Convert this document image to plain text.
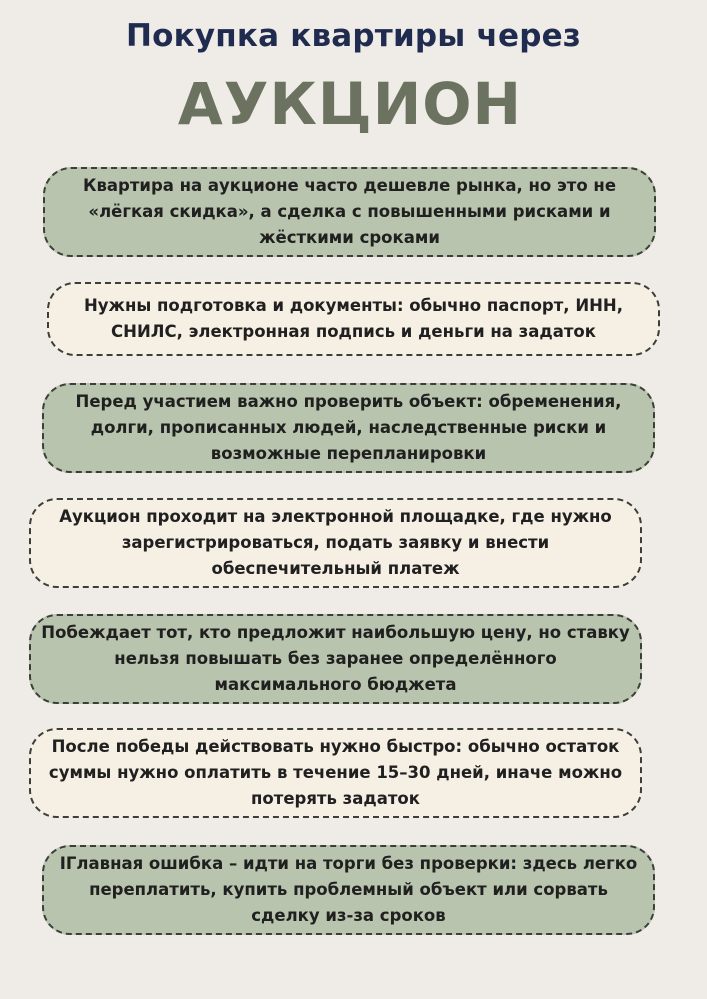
Покупка квартиры через
АУКЦИОН
Квартира на аукционе часто дешевле рынка, но это не
«лёгкая скидка», а сделка с повышенными рисками и
жёсткими сроками
Нужны подготовка и документы: обычно паспорт, ИНН,
СНИЛС, электронная подпись и деньги на задаток
Перед участием важно проверить объект: обременения,
долги, прописанных людей, наследственные риски и
возможные перепланировки
Аукцион проходит на электронной площадке, где нужно
зарегистрироваться, подать заявку и внести
обеспечительный платеж
Побеждает тот, кто предложит наибольшую цену, но ставку
нельзя повышать без заранее определённого
максимального бюджета
После победы действовать нужно быстро: обычно остаток
суммы нужно оплатить в течение 15–30 дней, иначе можно
потерять задаток
ΙГлавная ошибка – идти на торги без проверки: здесь легко
переплатить, купить проблемный объект или сорвать
сделку из-за сроков
